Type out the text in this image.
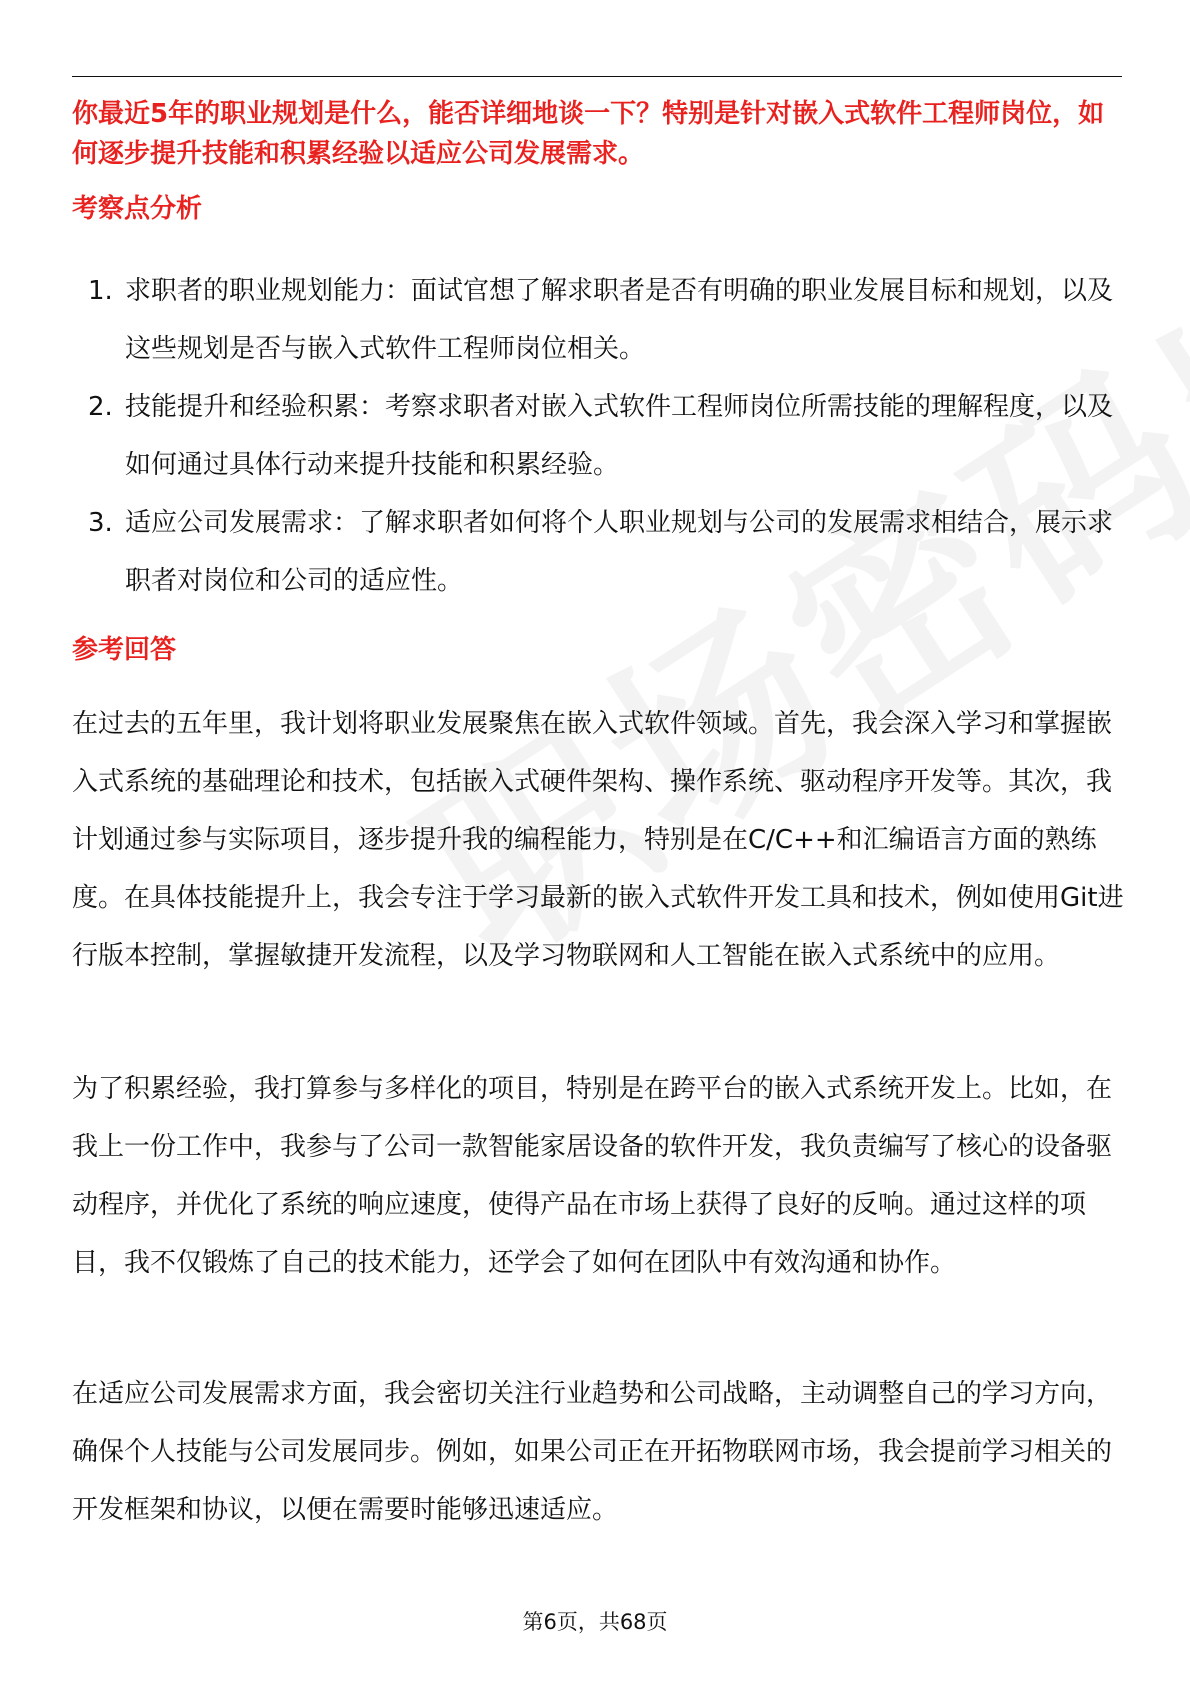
你最近5年的职业规划是什么，能否详细地谈一下？特别是针对嵌入式软件工程师岗位，如何逐步提升技能和积累经验以适应公司发展需求。

考察点分析
1. 求职者的职业规划能力：面试官想了解求职者是否有明确的职业发展目标和规划，以及这些规划是否与嵌入式软件工程师岗位相关。
2. 技能提升和经验积累：考察求职者对嵌入式软件工程师岗位所需技能的理解程度，以及如何通过具体行动来提升技能和积累经验。
3. 适应公司发展需求：了解求职者如何将个人职业规划与公司的发展需求相结合，展示求职者对岗位和公司的适应性。
参考回答

在过去的五年里，我计划将职业发展聚焦在嵌入式软件领域。首先，我会深入学习和掌握嵌入式系统的基础理论和技术，包括嵌入式硬件架构、操作系统、驱动程序开发等。其次，我计划通过参与实际项目，逐步提升我的编程能力，特别是在C/C++和汇编语言方面的熟练度。在具体技能提升上，我会专注于学习最新的嵌入式软件开发工具和技术，例如使用Git进行版本控制，掌握敏捷开发流程，以及学习物联网和人工智能在嵌入式系统中的应用。

为了积累经验，我打算参与多样化的项目，特别是在跨平台的嵌入式系统开发上。比如，在我上一份工作中，我参与了公司一款智能家居设备的软件开发，我负责编写了核心的设备驱动程序，并优化了系统的响应速度，使得产品在市场上获得了良好的反响。通过这样的项目，我不仅锻炼了自己的技术能力，还学会了如何在团队中有效沟通和协作。

在适应公司发展需求方面，我会密切关注行业趋势和公司战略，主动调整自己的学习方向，确保个人技能与公司发展同步。例如，如果公司正在开拓物联网市场，我会提前学习相关的开发框架和协议，以便在需要时能够迅速适应。

第6页，共68页
